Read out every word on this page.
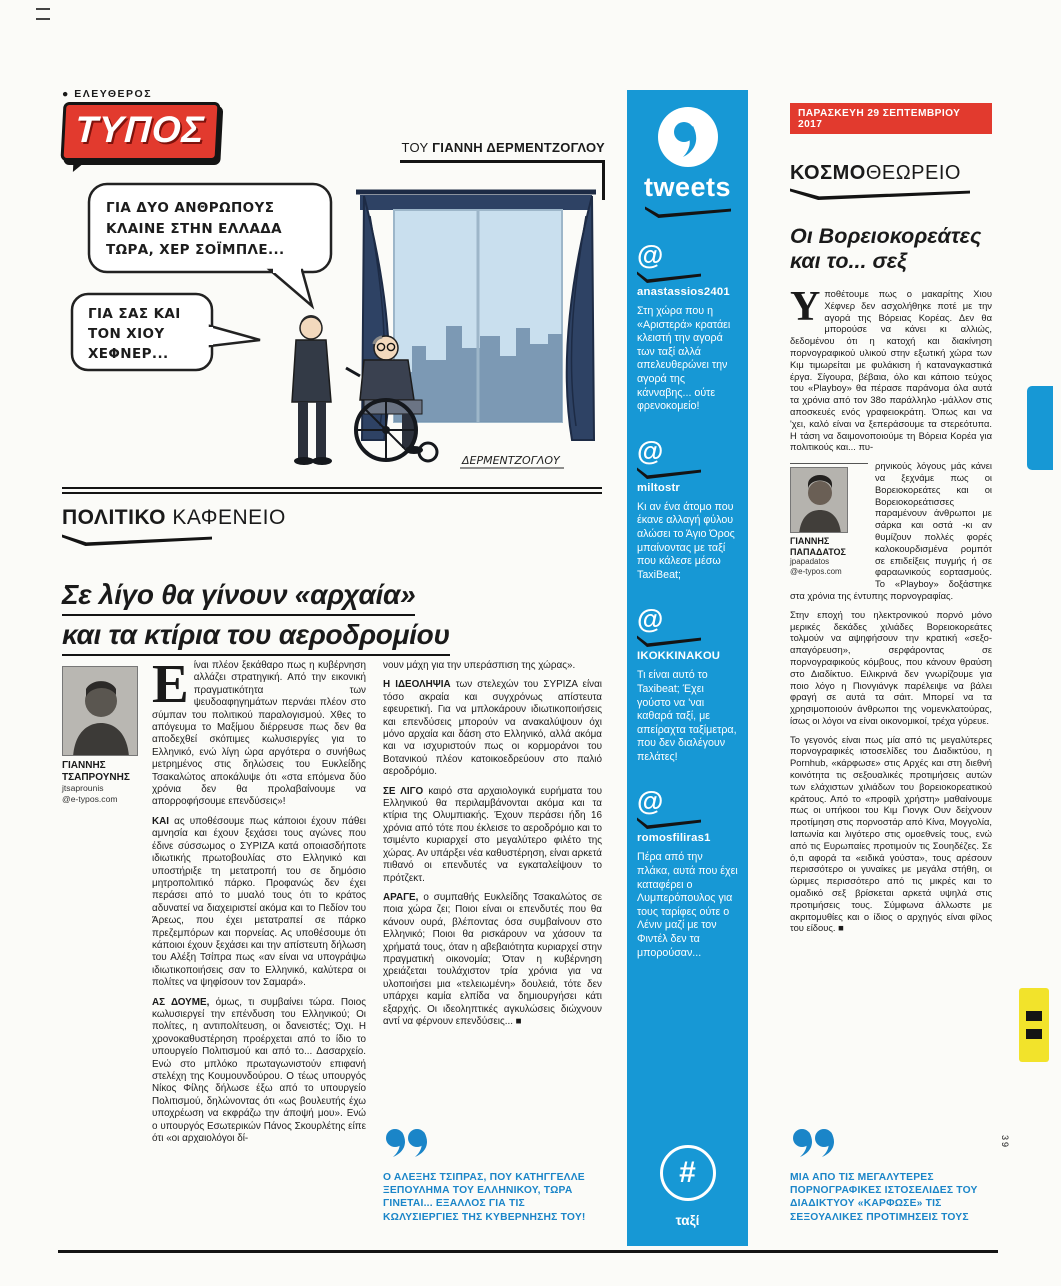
● ΕΛΕΥΘΕΡΟΣ
ΤΥΠΟΣ	ΤΟΥ ΓΙΑΝΝΗ ΔΕΡΜΕΝΤΖΟΓΛΟΥ
ΓΙΑ ΔΥΟ ΑΝΘΡΩΠΟΥΣ
ΚΛΑΙΝΕ ΣΤΗΝ ΕΛΛΑΔΑ
ΤΩΡΑ, ΧΕΡ ΣΟΪΜΠΛΕ...
ΓΙΑ ΣΑΣ ΚΑΙ
ΤΟΝ ΧΙΟΥ
ΧΕΦΝΕΡ...
ΔΕΡΜΕΝΤΖΟΓΛΟΥ
ΠΟΛΙΤΙΚΟ ΚΑΦΕΝΕΙΟ
Σε λίγο θα γίνουν «αρχαία»
και τα κτίρια του αεροδρομίου
ΓΙΑΝΝΗΣ ΤΣΑΠΡΟΥΝΗΣ
jtsaprounis
@e-typos.com

Είναι πλέον ξεκάθαρο πως η κυβέρνηση αλλάζει στρατηγική. Από την εικονική πραγματικότητα των ψευδοαφηγημάτων περνάει πλέον στο σύμπαν του πολιτικού παραλογισμού. Χθες το απόγευμα το Μαξίμου διέρρευσε πως δεν θα αποδεχθεί σκόπιμες κωλυσιεργίες για το Ελληνικό, ενώ λίγη ώρα αργότερα ο συνήθως μετρημένος στις δηλώσεις του Ευκλείδης Τσακαλώτος αποκάλυψε ότι «στα επόμενα δύο χρόνια δεν θα προλαβαίνουμε να απορροφήσουμε επενδύσεις»!

ΚΑΙ ας υποθέσουμε πως κάποιοι έχουν πάθει αμνησία και έχουν ξεχάσει τους αγώνες που έδινε σύσσωμος ο ΣΥΡΙΖΑ κατά οποιασδήποτε ιδιωτικής πρωτοβουλίας στο Ελληνικό και υποστήριξε τη μετατροπή του σε δημόσιο μητροπολιτικό πάρκο. Προφανώς δεν έχει περάσει από το μυαλό τους ότι το κράτος αδυνατεί να διαχειριστεί ακόμα και το Πεδίον του Άρεως, που έχει μετατραπεί σε πάρκο πρεζεμπόρων και πορνείας. Ας υποθέσουμε ότι κάποιοι έχουν ξεχάσει και την απίστευτη δήλωση του Αλέξη Τσίπρα πως «αν είναι να υπογράψω ιδιωτικοποιήσεις σαν το Ελληνικό, καλύτερα οι πολίτες να ψηφίσουν τον Σαμαρά».

ΑΣ ΔΟΥΜΕ, όμως, τι συμβαίνει τώρα. Ποιος κωλυσιεργεί την επένδυση του Ελληνικού; Οι πολίτες, η αντιπολίτευση, οι δανειστές; Όχι. Η χρονοκαθυστέρηση προέρχεται από το ίδιο το υπουργείο Πολιτισμού και από το... Δασαρχείο. Ενώ στο μπλόκο πρωταγωνιστούν επιφανή στελέχη της Κουμουνδούρου. Ο τέως υπουργός Νίκος Φίλης δήλωσε έξω από το υπουργείο Πολιτισμού, δηλώνοντας ότι «ως βουλευτής έχω υποχρέωση να εκφράζω την άποψή μου». Ενώ ο υπουργός Εσωτερικών Πάνος Σκουρλέτης είπε ότι «οι αρχαιολόγοι δί-

νουν μάχη για την υπεράσπιση της χώρας».

Η ΙΔΕΟΛΗΨΙΑ των στελεχών του ΣΥΡΙΖΑ είναι τόσο ακραία και συγχρόνως απίστευτα εφευρετική. Για να μπλοκάρουν ιδιωτικοποιήσεις και επενδύσεις μπορούν να ανακαλύψουν όχι μόνο αρχαία και δάση στο Ελληνικό, αλλά ακόμα και να ισχυριστούν πως οι κορμοράνοι του Βοτανικού πλέον κατοικοεδρεύουν στο παλιό αεροδρόμιο.

ΣΕ ΛΙΓΟ καιρό στα αρχαιολογικά ευρήματα του Ελληνικού θα περιλαμβάνονται ακόμα και τα κτίρια της Ολυμπιακής. Έχουν περάσει ήδη 16 χρόνια από τότε που έκλεισε το αεροδρόμιο και το τσιμέντο κυριαρχεί στο μεγαλύτερο φιλέτο της χώρας. Αν υπάρξει νέα καθυστέρηση, είναι αρκετά πιθανό οι επενδυτές να εγκαταλείψουν το πρότζεκτ.

ΑΡΑΓΕ, ο συμπαθής Ευκλείδης Τσακαλώτος σε ποια χώρα ζει; Ποιοι είναι οι επενδυτές που θα κάνουν ουρά, βλέποντας όσα συμβαίνουν στο Ελληνικό; Ποιοι θα ρισκάρουν να χάσουν τα χρήματά τους, όταν η αβεβαιότητα κυριαρχεί στην πραγματική οικονομία; Όταν η κυβέρνηση χρειάζεται τουλάχιστον τρία χρόνια για να υλοποιήσει μια «τελειωμένη» δουλειά, τότε δεν υπάρχει καμία ελπίδα να δημιουργήσει κάτι εξαρχής. Οι ιδεοληπτικές αγκυλώσεις διώχνουν αντί να φέρνουν επενδύσεις... ■

Ο ΑΛΕΞΗΣ ΤΣΙΠΡΑΣ, ΠΟΥ ΚΑΤΗΓΓΕΛΛΕ ΞΕΠΟΥΛΗΜΑ ΤΟΥ ΕΛΛΗΝΙΚΟΥ, ΤΩΡΑ ΓΙΝΕΤΑΙ... ΕΞΑΛΛΟΣ ΓΙΑ ΤΙΣ ΚΩΛΥΣΙΕΡΓΙΕΣ ΤΗΣ ΚΥΒΕΡΝΗΣΗΣ ΤΟΥ!
tweets
@
anastassios2401
Στη χώρα που η «Αριστερά» κρατάει κλειστή την αγορά των ταξί αλλά απελευθερώνει την αγορά της κάνναβης... ούτε φρενοκομείο!
@
miltostr
Κι αν ένα άτομο που έκανε αλλαγή φύλου αλώσει το Άγιο Όρος μπαίνοντας με ταξί που κάλεσε μέσω TaxiBeat;
@
IKOKKINAKOU
Τι είναι αυτό το Taxibeat; Έχει γούστο να 'ναι καθαρά ταξί, με απείραχτα ταξίμετρα, που δεν διαλέγουν πελάτες!
@
romosfiliras1
Πέρα από την πλάκα, αυτά που έχει καταφέρει ο Λυμπερόπουλος για τους ταρίφες ούτε ο Λένιν μαζί με τον Φιντέλ δεν τα μπορούσαν...
#
ταξί
ΠΑΡΑΣΚΕΥΗ 29 ΣΕΠΤΕΜΒΡΙΟΥ 2017
ΚΟΣΜΟΘΕΩΡΕΙΟ
Οι Βορειοκορεάτες
και το... σεξ

Υποθέτουμε πως ο μακαρίτης Χιου Χέφνερ δεν ασχολήθηκε ποτέ με την αγορά της Βόρειας Κορέας. Δεν θα μπορούσε να κάνει κι αλλιώς, δεδομένου ότι η κατοχή και διακίνηση πορνογραφικού υλικού στην εξωτική χώρα των Κιμ τιμωρείται με φυλάκιση ή καταναγκαστικά έργα. Σίγουρα, βέβαια, όλο και κάποιο τεύχος του «Playboy» θα πέρασε παράνομα όλα αυτά τα χρόνια από τον 38ο παράλληλο -μάλλον στις αποσκευές ενός γραφειοκράτη. Όπως και να 'χει, καλό είναι να ξεπεράσουμε τα στερεότυπα. Η τάση να δαιμονοποιούμε τη Βόρεια Κορέα για πολιτικούς και... πυ-

ΓΙΑΝΝΗΣ ΠΑΠΑΔΑΤΟΣ
jpapadatos
@e-typos.com

ρηνικούς λόγους μάς κάνει να ξεχνάμε πως οι Βορειοκορεάτες και οι Βορειοκορεάτισσες παραμένουν άνθρωποι με σάρκα και οστά -κι αν θυμίζουν πολλές φορές καλοκουρδισμένα ρομπότ σε επιδείξεις πυγμής ή σε φαραωνικούς εορτασμούς. Το «Playboy» δοξάστηκε στα χρόνια της έντυπης πορνογραφίας.

Στην εποχή του ηλεκτρονικού πορνό μόνο μερικές δεκάδες χιλιάδες Βορειοκορεάτες τολμούν να αψηφήσουν την κρατική «σεξο-απαγόρευση», σερφάροντας σε πορνογραφικούς κόμβους, που κάνουν θραύση στο Διαδίκτυο. Ειλικρινά δεν γνωρίζουμε για ποιο λόγο η Πιονγιάνγκ παρέλειψε να βάλει φραγή σε αυτά τα σάιτ. Μπορεί να τα χρησιμοποιούν άνθρωποι της νομενκλατούρας, ίσως οι λόγοι να είναι οικονομικοί, τρέχα γύρευε.

Το γεγονός είναι πως μία από τις μεγαλύτερες πορνογραφικές ιστοσελίδες του Διαδικτύου, η Pornhub, «κάρφωσε» στις Αρχές και στη διεθνή κοινότητα τις σεξουαλικές προτιμήσεις αυτών των ελάχιστων χιλιάδων του βορειοκορεατικού κράτους. Από το «προφίλ χρήστη» μαθαίνουμε πως οι υπήκοοι του Κιμ Γιονγκ Ουν δείχνουν προτίμηση στις πορνοστάρ από Κίνα, Μογγολία, Ιαπωνία και λιγότερο στις ομοεθνείς τους, ενώ από τις Ευρωπαίες προτιμούν τις Σουηδέζες. Σε ό,τι αφορά τα «ειδικά γούστα», τους αρέσουν περισσότερο οι γυναίκες με μεγάλα στήθη, οι ώριμες περισσότερο από τις μικρές και το ομαδικό σεξ βρίσκεται αρκετά υψηλά στις προτιμήσεις τους. Σύμφωνα άλλωστε με ακριτομυθίες και ο ίδιος ο αρχηγός είναι φίλος του είδους. ■

ΜΙΑ ΑΠΟ ΤΙΣ ΜΕΓΑΛΥΤΕΡΕΣ ΠΟΡΝΟΓΡΑΦΙΚΕΣ ΙΣΤΟΣΕΛΙΔΕΣ ΤΟΥ ΔΙΑΔΙΚΤΥΟΥ «ΚΑΡΦΩΣΕ» ΤΙΣ ΣΕΞΟΥΑΛΙΚΕΣ ΠΡΟΤΙΜΗΣΕΙΣ ΤΟΥΣ
39
